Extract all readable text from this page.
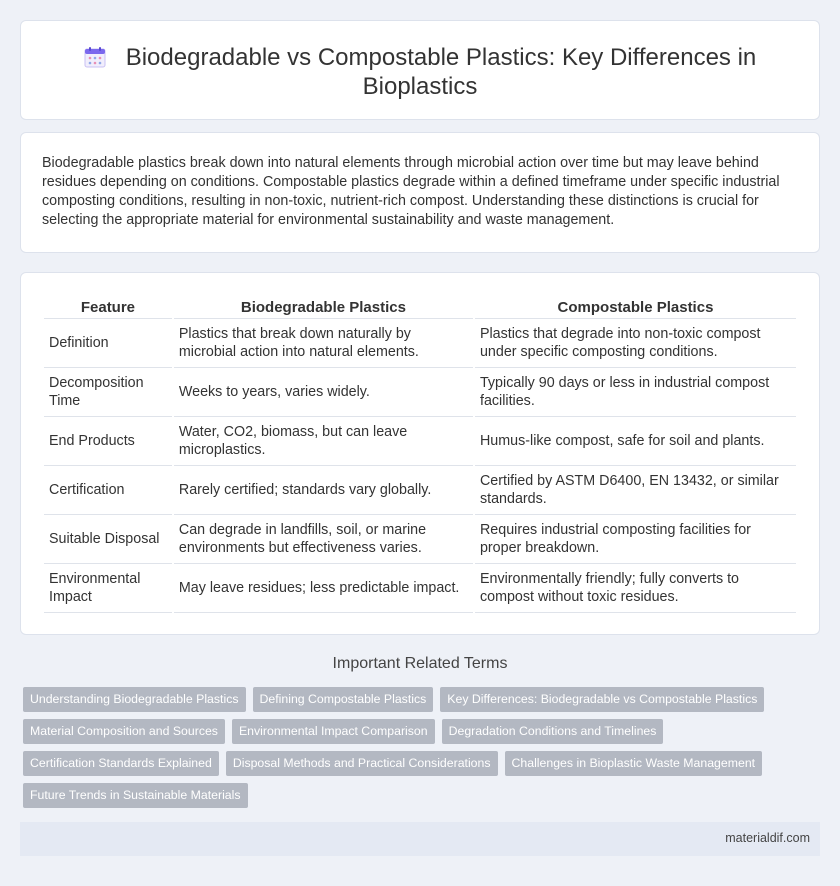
Biodegradable vs Compostable Plastics: Key Differences in Bioplastics

Biodegradable plastics break down into natural elements through microbial action over time but may leave behind residues depending on conditions. Compostable plastics degrade within a defined timeframe under specific industrial composting conditions, resulting in non-toxic, nutrient-rich compost. Understanding these distinctions is crucial for selecting the appropriate material for environmental sustainability and waste management.

Feature	Biodegradable Plastics	Compostable Plastics
Definition	Plastics that break down naturally by microbial action into natural elements.	Plastics that degrade into non-toxic compost under specific composting conditions.
Decomposition Time	Weeks to years, varies widely.	Typically 90 days or less in industrial compost facilities.
End Products	Water, CO2, biomass, but can leave microplastics.	Humus-like compost, safe for soil and plants.
Certification	Rarely certified; standards vary globally.	Certified by ASTM D6400, EN 13432, or similar standards.
Suitable Disposal	Can degrade in landfills, soil, or marine environments but effectiveness varies.	Requires industrial composting facilities for proper breakdown.
Environmental Impact	May leave residues; less predictable impact.	Environmentally friendly; fully converts to compost without toxic residues.
Important Related Terms
Understanding Biodegradable Plastics	Defining Compostable Plastics	Key Differences: Biodegradable vs Compostable Plastics
Material Composition and Sources	Environmental Impact Comparison	Degradation Conditions and Timelines
Certification Standards Explained	Disposal Methods and Practical Considerations	Challenges in Bioplastic Waste Management
Future Trends in Sustainable Materials
materialdif.com
